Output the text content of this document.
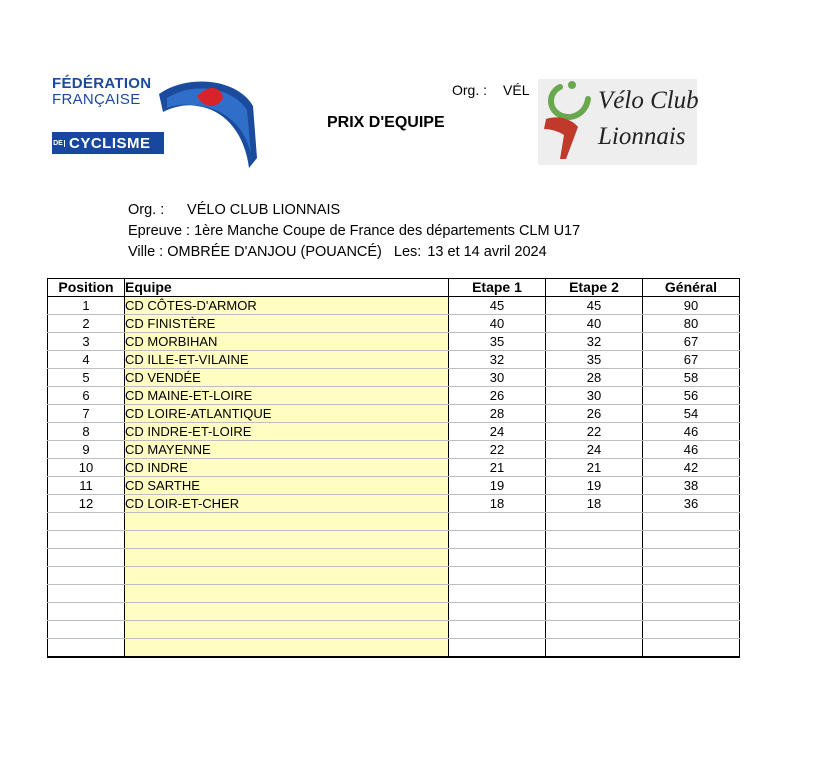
FÉDÉRATION
FRANÇAISE
DE CYCLISME
Org. : VÉL
PRIX D'EQUIPE
Vélo Club
Lionnais
Org. : VÉLO CLUB LIONNAIS
Epreuve : 1ère Manche Coupe de France des départements CLM U17
Ville : OMBRÉE D'ANJOU (POUANCÉ) Les: 13 et 14 avril 2024
Position	Equipe	Etape 1	Etape 2	Général
1	CD CÔTES-D'ARMOR	45	45	90
2	CD FINISTÈRE	40	40	80
3	CD MORBIHAN	35	32	67
4	CD ILLE-ET-VILAINE	32	35	67
5	CD VENDÉE	30	28	58
6	CD MAINE-ET-LOIRE	26	30	56
7	CD LOIRE-ATLANTIQUE	28	26	54
8	CD INDRE-ET-LOIRE	24	22	46
9	CD MAYENNE	22	24	46
10	CD INDRE	21	21	42
11	CD SARTHE	19	19	38
12	CD LOIR-ET-CHER	18	18	36
